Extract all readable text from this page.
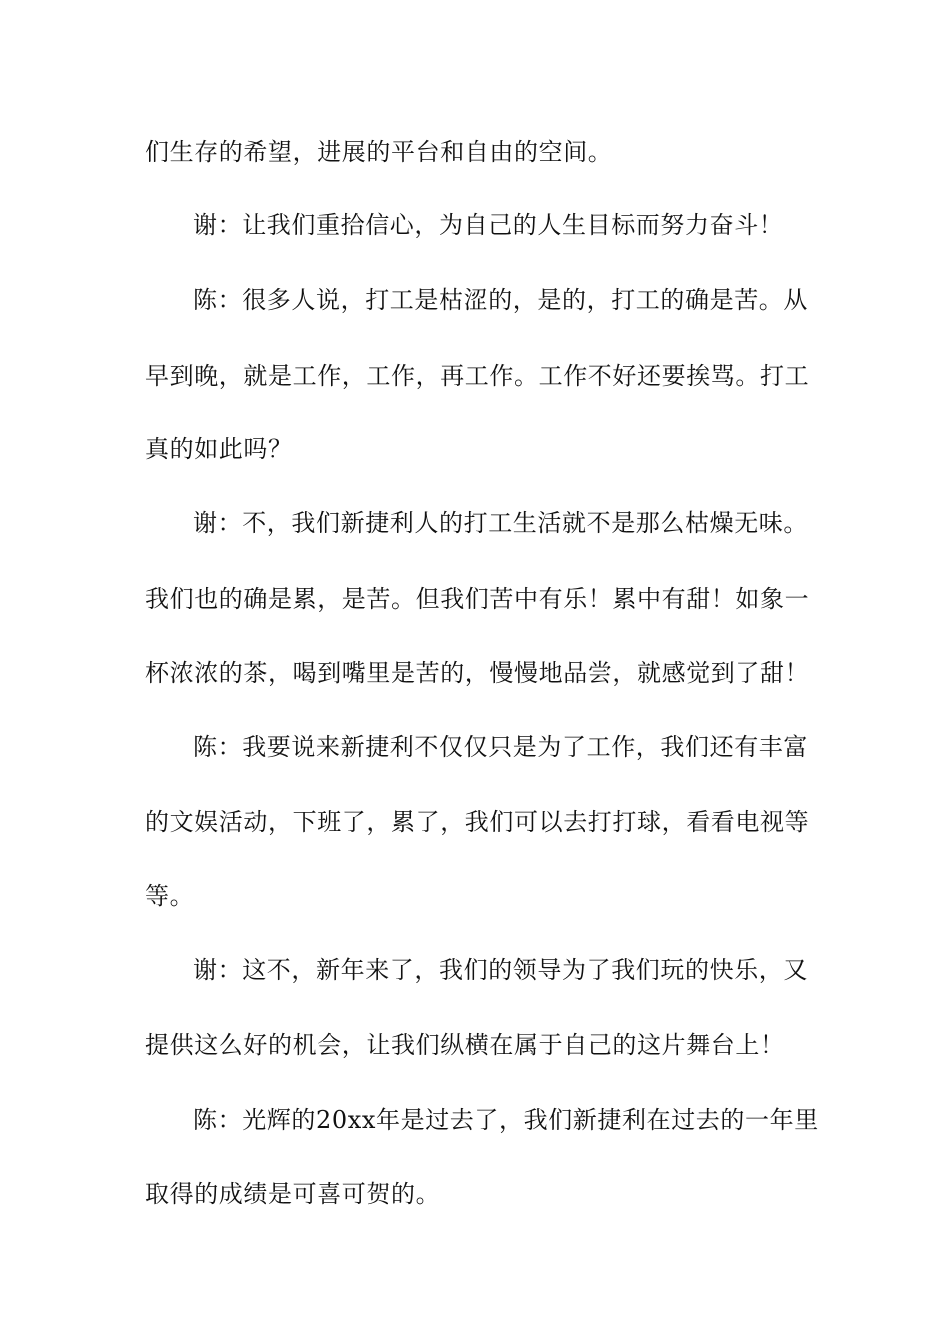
们生存的希望，进展的平台和自由的空间。
谢：让我们重拾信心，为自己的人生目标而努力奋斗！
陈：很多人说，打工是枯涩的，是的，打工的确是苦。从
早到晚，就是工作，工作，再工作。工作不好还要挨骂。打工
真的如此吗？
谢：不，我们新捷利人的打工生活就不是那么枯燥无味。
我们也的确是累，是苦。但我们苦中有乐！累中有甜！如象一
杯浓浓的茶，喝到嘴里是苦的，慢慢地品尝，就感觉到了甜！
陈：我要说来新捷利不仅仅只是为了工作，我们还有丰富
的文娱活动，下班了，累了，我们可以去打打球，看看电视等
等。
谢：这不，新年来了，我们的领导为了我们玩的快乐，又
提供这么好的机会，让我们纵横在属于自己的这片舞台上！
陈：光辉的20xx年是过去了，我们新捷利在过去的一年里
取得的成绩是可喜可贺的。
